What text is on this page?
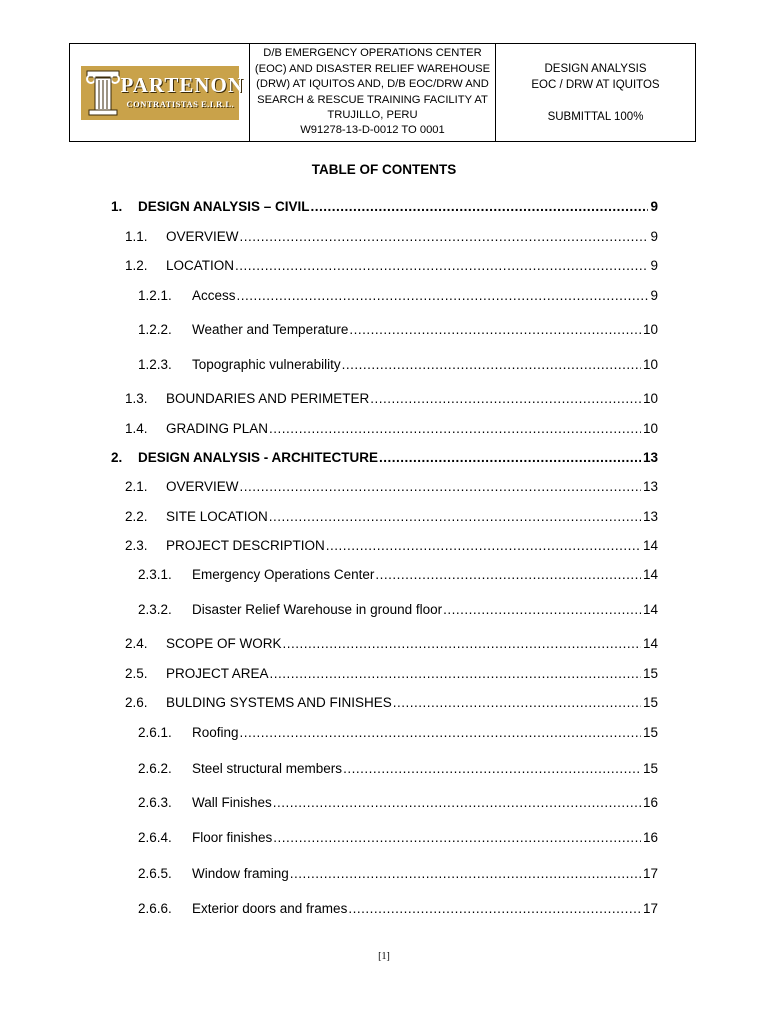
PARTENON
CONTRATISTAS E.I.R.L.
D/B EMERGENCY OPERATIONS CENTER
(EOC) AND DISASTER RELIEF WAREHOUSE
(DRW) AT IQUITOS AND, D/B EOC/DRW AND
SEARCH & RESCUE TRAINING FACILITY AT
TRUJILLO, PERU
W91278-13-D-0012 TO 0001
DESIGN ANALYSIS
EOC / DRW AT IQUITOS
SUBMITTAL 100%
TABLE OF CONTENTS
1.	DESIGN ANALYSIS – CIVIL .....	9
1.1.	OVERVIEW .....	9
1.2.	LOCATION .....	9
1.2.1.	Access .....	9
1.2.2.	Weather and Temperature .....	10
1.2.3.	Topographic vulnerability .....	10
1.3.	BOUNDARIES AND PERIMETER .....	10
1.4.	GRADING PLAN .....	10
2.	DESIGN ANALYSIS - ARCHITECTURE .....	13
2.1.	OVERVIEW .....	13
2.2.	SITE LOCATION .....	13
2.3.	PROJECT DESCRIPTION .....	14
2.3.1.	Emergency Operations Center .....	14
2.3.2.	Disaster Relief Warehouse in ground floor .....	14
2.4.	SCOPE OF WORK .....	14
2.5.	PROJECT AREA .....	15
2.6.	BULDING SYSTEMS AND FINISHES .....	15
2.6.1.	Roofing .....	15
2.6.2.	Steel structural members .....	15
2.6.3.	Wall Finishes .....	16
2.6.4.	Floor finishes .....	16
2.6.5.	Window framing .....	17
2.6.6.	Exterior doors and frames .....	17
[1]
